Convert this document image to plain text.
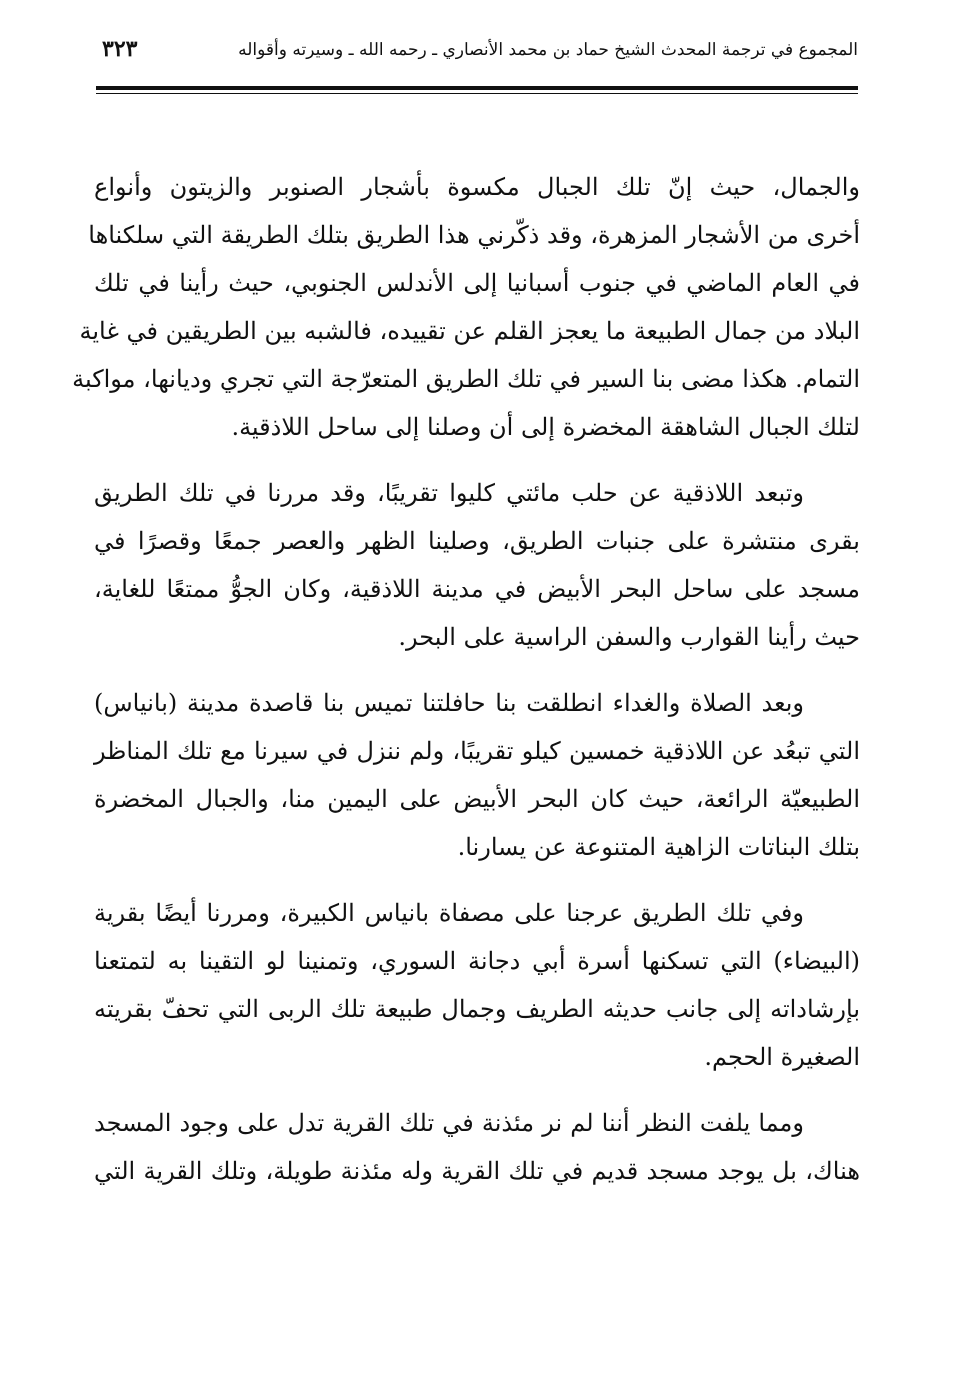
المجموع في ترجمة المحدث الشيخ حماد بن محمد الأنصاري ـ رحمه الله ـ وسيرته وأقواله
٣٢٣
والجمال، حيث إنّ تلك الجبال مكسوة بأشجار الصنوبر والزيتون وأنواع
أخرى من الأشجار المزهرة، وقد ذكّرني هذا الطريق بتلك الطريقة التي سلكناها
في العام الماضي في جنوب أسبانيا إلى الأندلس الجنوبي، حيث رأينا في تلك
البلاد من جمال الطبيعة ما يعجز القلم عن تقييده، فالشبه بين الطريقين في غاية
التمام. هكذا مضى بنا السير في تلك الطريق المتعرّجة التي تجري وديانها، مواكبة
لتلك الجبال الشاهقة المخضرة إلى أن وصلنا إلى ساحل اللاذقية.
وتبعد اللاذقية عن حلب مائتي كليوا تقريبًا، وقد مررنا في تلك الطريق
بقرى منتشرة على جنبات الطريق، وصلينا الظهر والعصر جمعًا وقصرًا في
مسجد على ساحل البحر الأبيض في مدينة اللاذقية، وكان الجوُّ ممتعًا للغاية،
حيث رأينا القوارب والسفن الراسية على البحر.
وبعد الصلاة والغداء انطلقت بنا حافلتنا تميس بنا قاصدة مدينة (بانياس)
التي تبعُد عن اللاذقية خمسين كيلو تقريبًا، ولم ننزل في سيرنا مع تلك المناظر
الطبيعيّة الرائعة، حيث كان البحر الأبيض على اليمين منا، والجبال المخضرة
بتلك البناتات الزاهية المتنوعة عن يسارنا.
وفي تلك الطريق عرجنا على مصفاة بانياس الكبيرة، ومررنا أيضًا بقرية
(البيضاء) التي تسكنها أسرة أبي دجانة السوري، وتمنينا لو التقينا به لتمتعنا
بإرشاداته إلى جانب حديثه الطريف وجمال طبيعة تلك الربى التي تحفّ بقريته
الصغيرة الحجم.
ومما يلفت النظر أننا لم نر مئذنة في تلك القرية تدل على وجود المسجد
هناك، بل يوجد مسجد قديم في تلك القرية وله مئذنة طويلة، وتلك القرية التي
